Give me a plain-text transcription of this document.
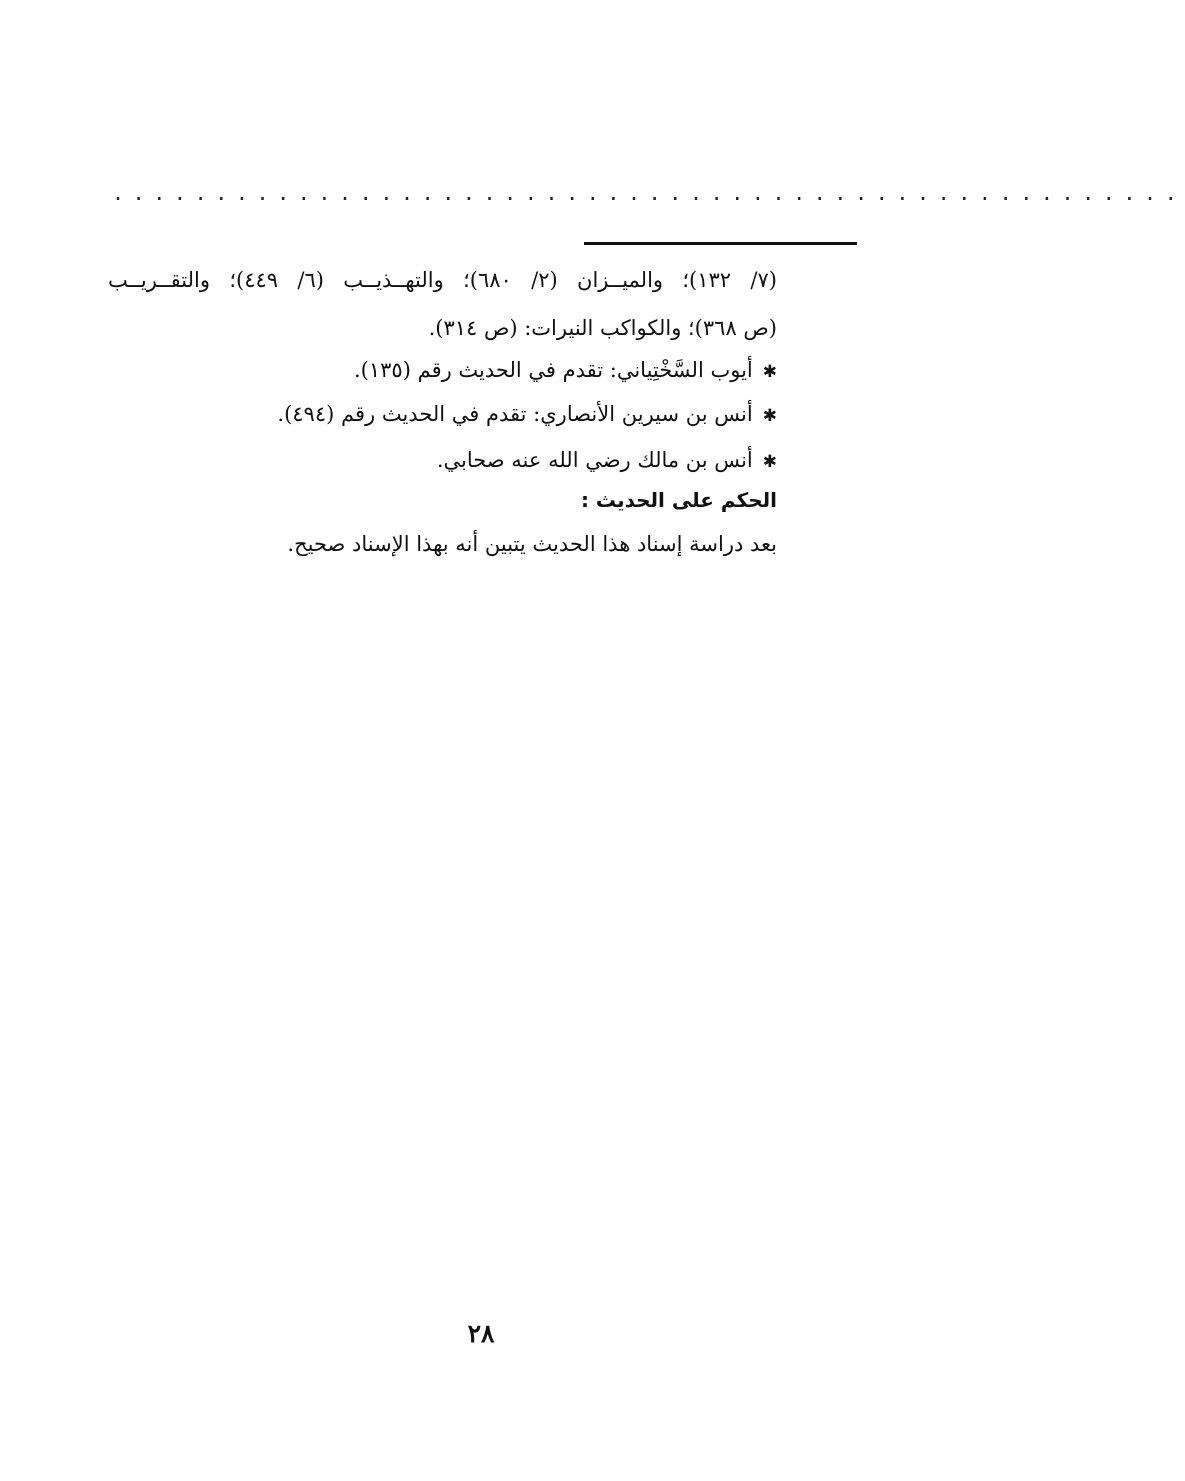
....................................................
(٧/ ١٣٢)؛ والميــزان (٢/ ٦٨٠)؛ والتهــذيــب (٦/ ٤٤٩)؛ والتقــريــب
(ص ٣٦٨)؛ والكواكب النيرات: (ص ٣١٤).
✱أيوب السَّخْتِياني: تقدم في الحديث رقم (١٣٥).
✱أنس بن سيرين الأنصاري: تقدم في الحديث رقم (٤٩٤).
✱أنس بن مالك رضي الله عنه صحابي.
الحكم على الحديث :
بعد دراسة إسناد هذا الحديث يتبين أنه بهذا الإسناد صحيح.
٢٨
